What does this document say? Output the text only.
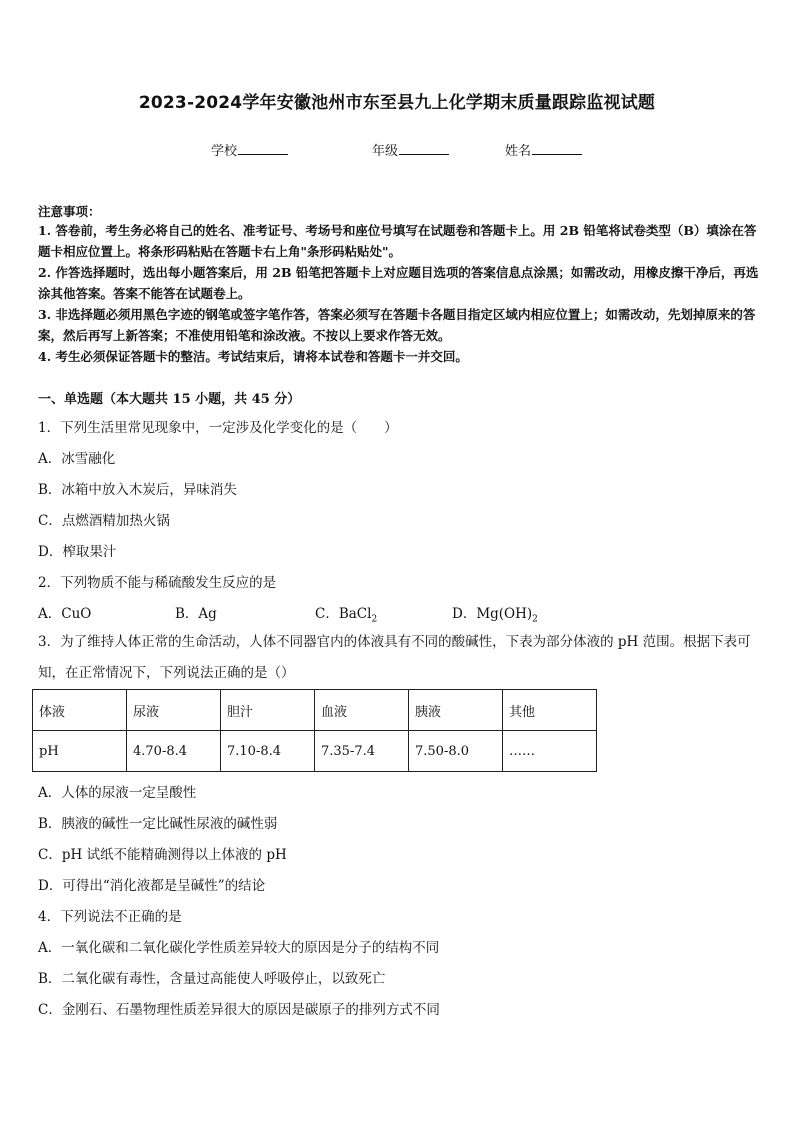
2023-2024学年安徽池州市东至县九上化学期末质量跟踪监视试题
学校	年级	姓名
注意事项：
1. 答卷前，考生务必将自己的姓名、准考证号、考场号和座位号填写在试题卷和答题卡上。用 2B 铅笔将试卷类型（B）填涂在答题卡相应位置上。将条形码粘贴在答题卡右上角"条形码粘贴处"。
2. 作答选择题时，选出每小题答案后，用 2B 铅笔把答题卡上对应题目选项的答案信息点涂黑；如需改动，用橡皮擦干净后，再选涂其他答案。答案不能答在试题卷上。
3. 非选择题必须用黑色字迹的钢笔或签字笔作答，答案必须写在答题卡各题目指定区域内相应位置上；如需改动，先划掉原来的答案，然后再写上新答案；不准使用铅笔和涂改液。不按以上要求作答无效。
4. 考生必须保证答题卡的整洁。考试结束后，请将本试卷和答题卡一并交回。
一、单选题（本大题共 15 小题，共 45 分）
1．下列生活里常见现象中，一定涉及化学变化的是（　　）
A．冰雪融化
B．冰箱中放入木炭后，异味消失
C．点燃酒精加热火锅
D．榨取果汁
2．下列物质不能与稀硫酸发生反应的是
A．CuO	B．Ag	C．BaCl$_2$	D．$Mg(OH)_2$
3．为了维持人体正常的生命活动，人体不同器官内的体液具有不同的酸碱性，下表为部分体液的 pH 范围。根据下表可知，在正常情况下，下列说法正确的是（）
体液	尿液	胆汁	血液	胰液	其他
pH	4.70-8.4	7.10-8.4	7.35-7.4	7.50-8.0	……
A．人体的尿液一定呈酸性
B．胰液的碱性一定比碱性尿液的碱性弱
C．pH 试纸不能精确测得以上体液的 pH
D．可得出“消化液都是呈碱性”的结论
4．下列说法不正确的是
A．一氧化碳和二氧化碳化学性质差异较大的原因是分子的结构不同
B．二氧化碳有毒性，含量过高能使人呼吸停止，以致死亡
C．金刚石、石墨物理性质差异很大的原因是碳原子的排列方式不同
